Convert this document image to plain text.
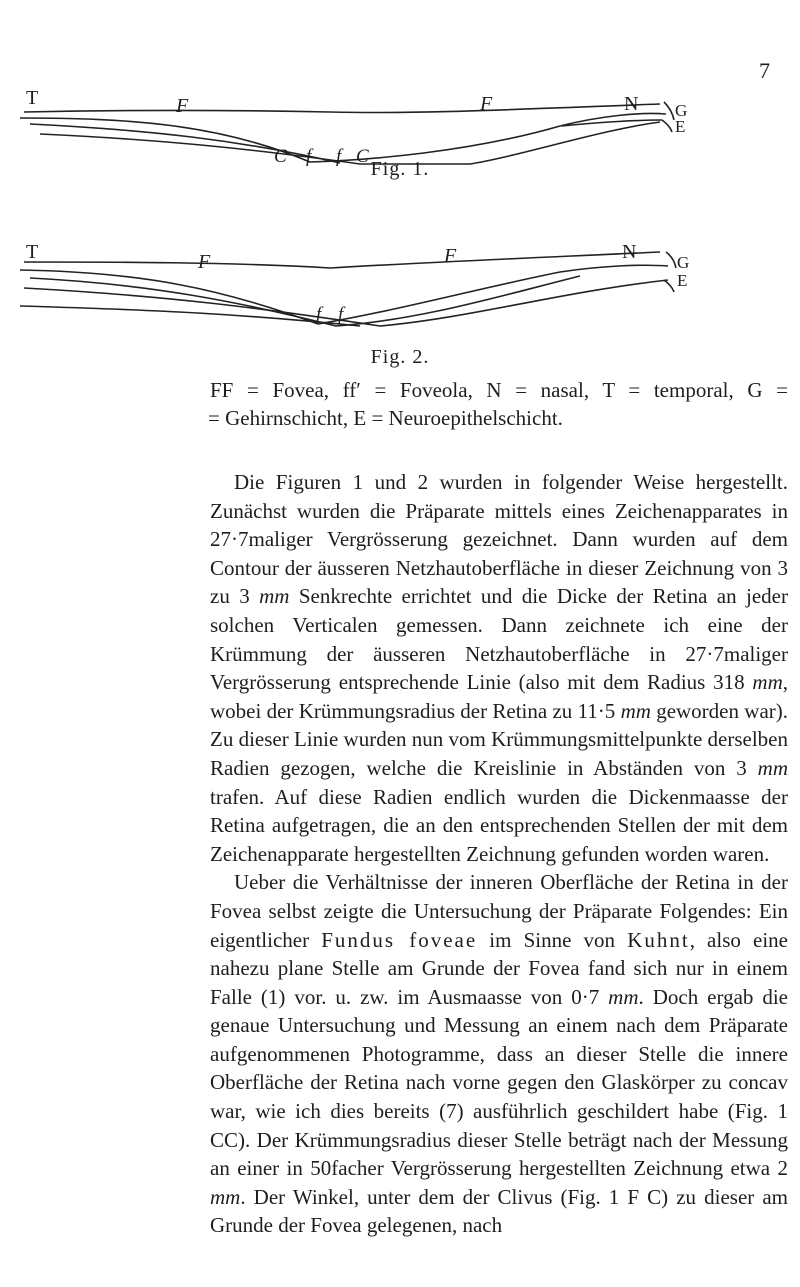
7
T	F
C f f C
F	N G
E
Fig. 1.
T	F
f f
F	N G
E
Fig. 2.

FF = Fovea, ff′ = Foveola, N = nasal, T = temporal, G =

= Gehirnschicht, E = Neuroepithelschicht.

Die Figuren 1 und 2 wurden in folgender Weise hergestellt. Zunächst wurden die Präparate mittels eines Zeichenapparates in 27·7maliger Vergrösserung gezeichnet. Dann wurden auf dem Contour der äusseren Netzhautoberfläche in dieser Zeichnung von 3 zu 3 mm Senkrechte errichtet und die Dicke der Retina an jeder solchen Verticalen gemessen. Dann zeichnete ich eine der Krümmung der äusseren Netzhautoberfläche in 27·7maliger Vergrösserung entsprechende Linie (also mit dem Radius 318 mm, wobei der Krümmungsradius der Retina zu 11·5 mm geworden war). Zu dieser Linie wurden nun vom Krümmungsmittelpunkte derselben Radien gezogen, welche die Kreislinie in Abständen von 3 mm trafen. Auf diese Radien endlich wurden die Dickenmaasse der Retina aufgetragen, die an den entsprechenden Stellen der mit dem Zeichenapparate hergestellten Zeichnung gefunden worden waren.

Ueber die Verhältnisse der inneren Oberfläche der Retina in der Fovea selbst zeigte die Untersuchung der Präparate Folgendes: Ein eigentlicher Fundus foveae im Sinne von Kuhnt, also eine nahezu plane Stelle am Grunde der Fovea fand sich nur in einem Falle (1) vor. u. zw. im Ausmaasse von 0·7 mm. Doch ergab die genaue Untersuchung und Messung an einem nach dem Präparate aufgenommenen Photogramme, dass an dieser Stelle die innere Oberfläche der Retina nach vorne gegen den Glaskörper zu concav war, wie ich dies bereits (7) ausführlich geschildert habe (Fig. 1 CC). Der Krümmungsradius dieser Stelle beträgt nach der Messung an einer in 50facher Vergrösserung hergestellten Zeichnung etwa 2 mm. Der Winkel, unter dem der Clivus (Fig. 1 F C) zu dieser am Grunde der Fovea gelegenen, nach
